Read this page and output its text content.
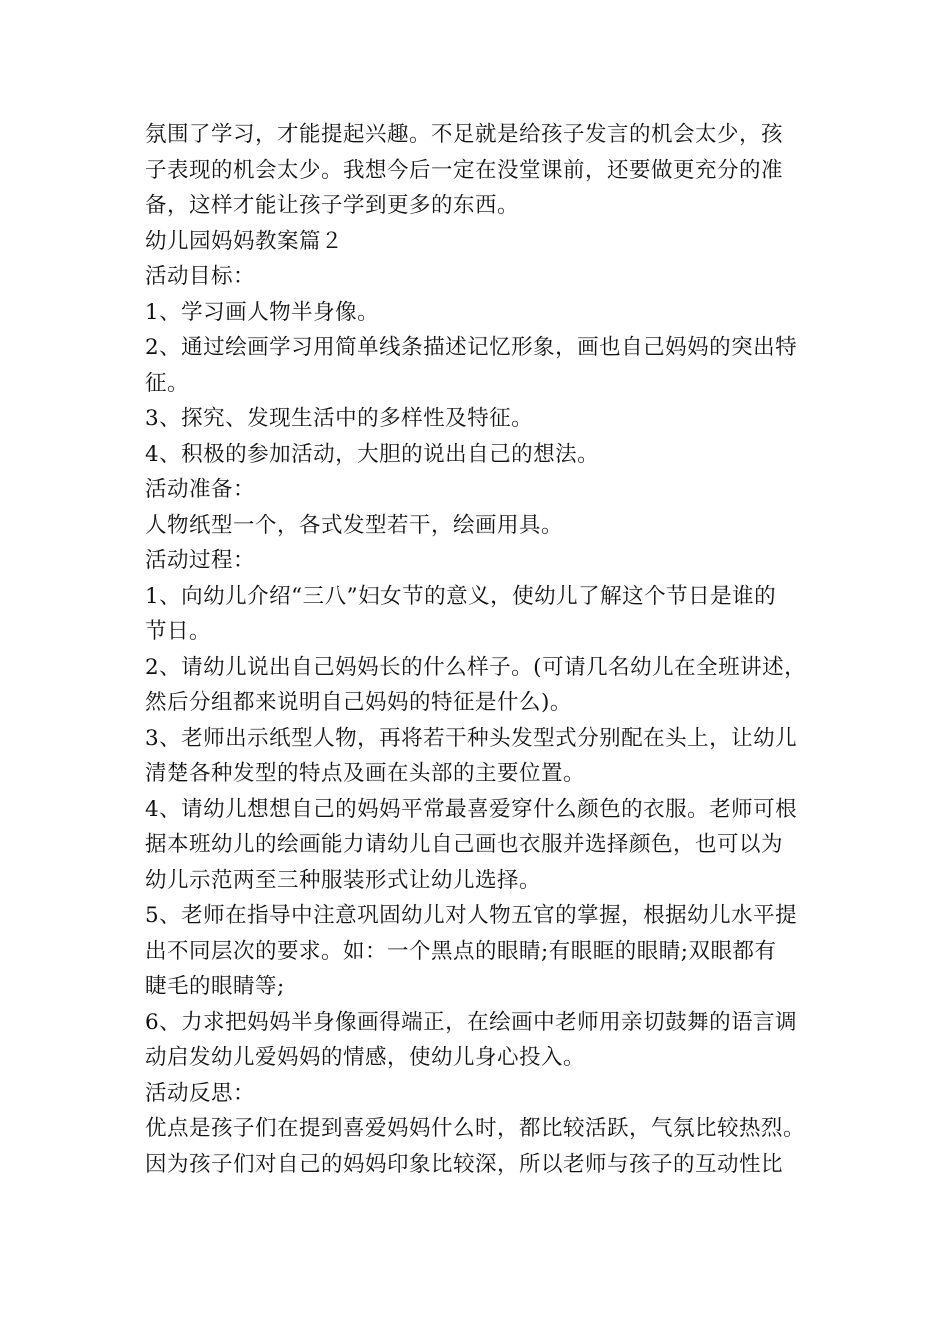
氛围了学习，才能提起兴趣。不足就是给孩子发言的机会太少，孩
子表现的机会太少。我想今后一定在没堂课前，还要做更充分的准
备，这样才能让孩子学到更多的东西。
幼儿园妈妈教案篇２
活动目标：
1、学习画人物半身像。
2、通过绘画学习用简单线条描述记忆形象，画也自己妈妈的突出特
征。
3、探究、发现生活中的多样性及特征。
4、积极的参加活动，大胆的说出自己的想法。
活动准备：
人物纸型一个，各式发型若干，绘画用具。
活动过程：
1、向幼儿介绍“三八”妇女节的意义，使幼儿了解这个节日是谁的
节日。
2、请幼儿说出自己妈妈长的什么样子。(可请几名幼儿在全班讲述，
然后分组都来说明自己妈妈的特征是什么)。
3、老师出示纸型人物，再将若干种头发型式分别配在头上，让幼儿
清楚各种发型的特点及画在头部的主要位置。
4、请幼儿想想自己的妈妈平常最喜爱穿什么颜色的衣服。老师可根
据本班幼儿的绘画能力请幼儿自己画也衣服并选择颜色，也可以为
幼儿示范两至三种服装形式让幼儿选择。
5、老师在指导中注意巩固幼儿对人物五官的掌握，根据幼儿水平提
出不同层次的要求。如：一个黑点的眼睛;有眼眶的眼睛;双眼都有
睫毛的眼睛等;
6、力求把妈妈半身像画得端正，在绘画中老师用亲切鼓舞的语言调
动启发幼儿爱妈妈的情感，使幼儿身心投入。
活动反思：
优点是孩子们在提到喜爱妈妈什么时，都比较活跃，气氛比较热烈。
因为孩子们对自己的妈妈印象比较深，所以老师与孩子的互动性比
